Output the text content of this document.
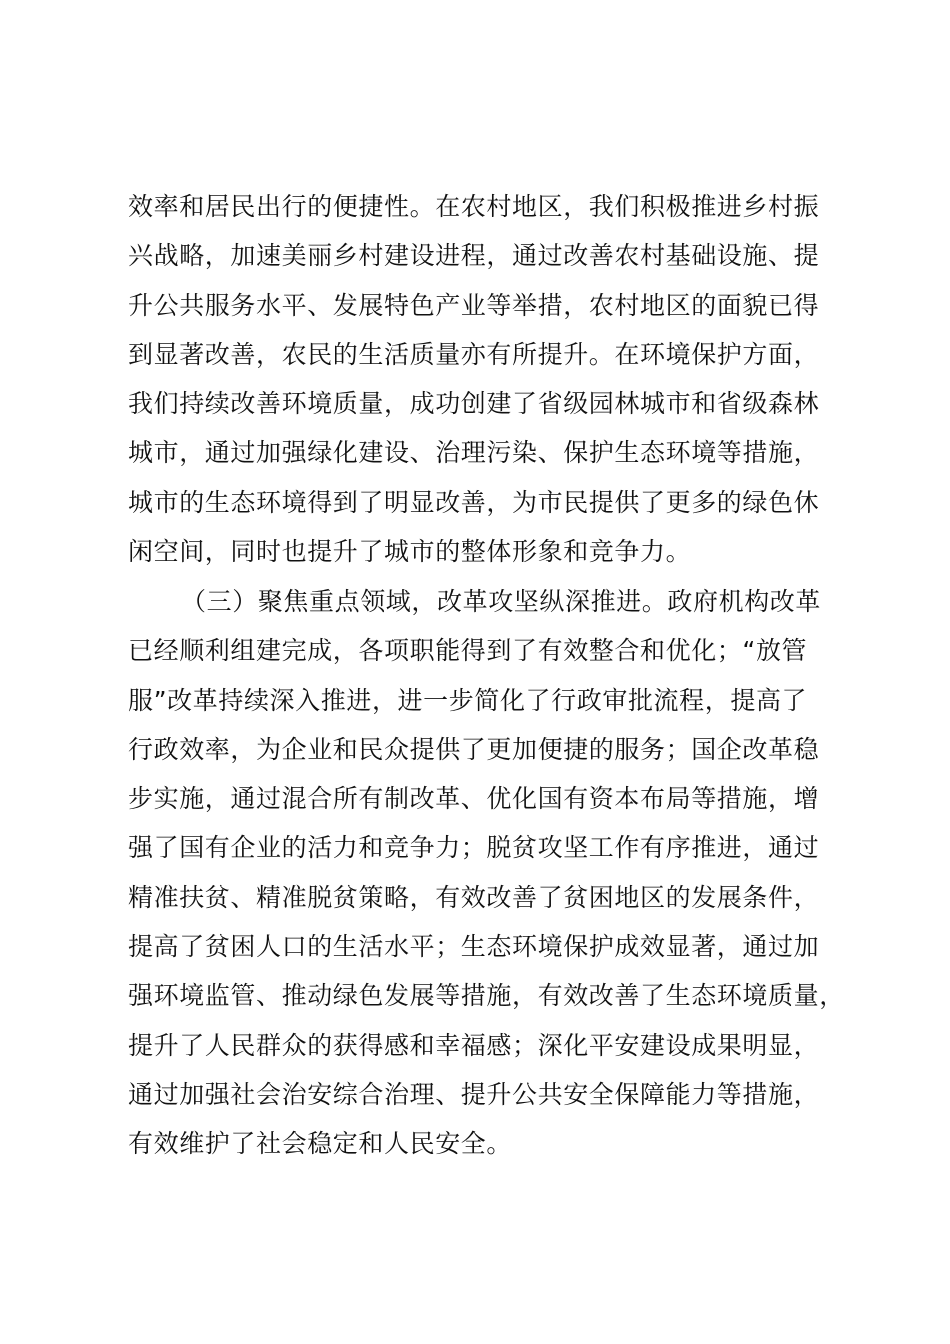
效率和居民出行的便捷性。在农村地区，我们积极推进乡村振
兴战略，加速美丽乡村建设进程，通过改善农村基础设施、提
升公共服务水平、发展特色产业等举措，农村地区的面貌已得
到显著改善，农民的生活质量亦有所提升。在环境保护方面，
我们持续改善环境质量，成功创建了省级园林城市和省级森林
城市，通过加强绿化建设、治理污染、保护生态环境等措施，
城市的生态环境得到了明显改善，为市民提供了更多的绿色休
闲空间，同时也提升了城市的整体形象和竞争力。
（三）聚焦重点领域，改革攻坚纵深推进。政府机构改革
已经顺利组建完成，各项职能得到了有效整合和优化；“放管
服”改革持续深入推进，进一步简化了行政审批流程，提高了
行政效率，为企业和民众提供了更加便捷的服务；国企改革稳
步实施，通过混合所有制改革、优化国有资本布局等措施，增
强了国有企业的活力和竞争力；脱贫攻坚工作有序推进，通过
精准扶贫、精准脱贫策略，有效改善了贫困地区的发展条件，
提高了贫困人口的生活水平；生态环境保护成效显著，通过加
强环境监管、推动绿色发展等措施，有效改善了生态环境质量，
提升了人民群众的获得感和幸福感；深化平安建设成果明显，
通过加强社会治安综合治理、提升公共安全保障能力等措施，
有效维护了社会稳定和人民安全。
